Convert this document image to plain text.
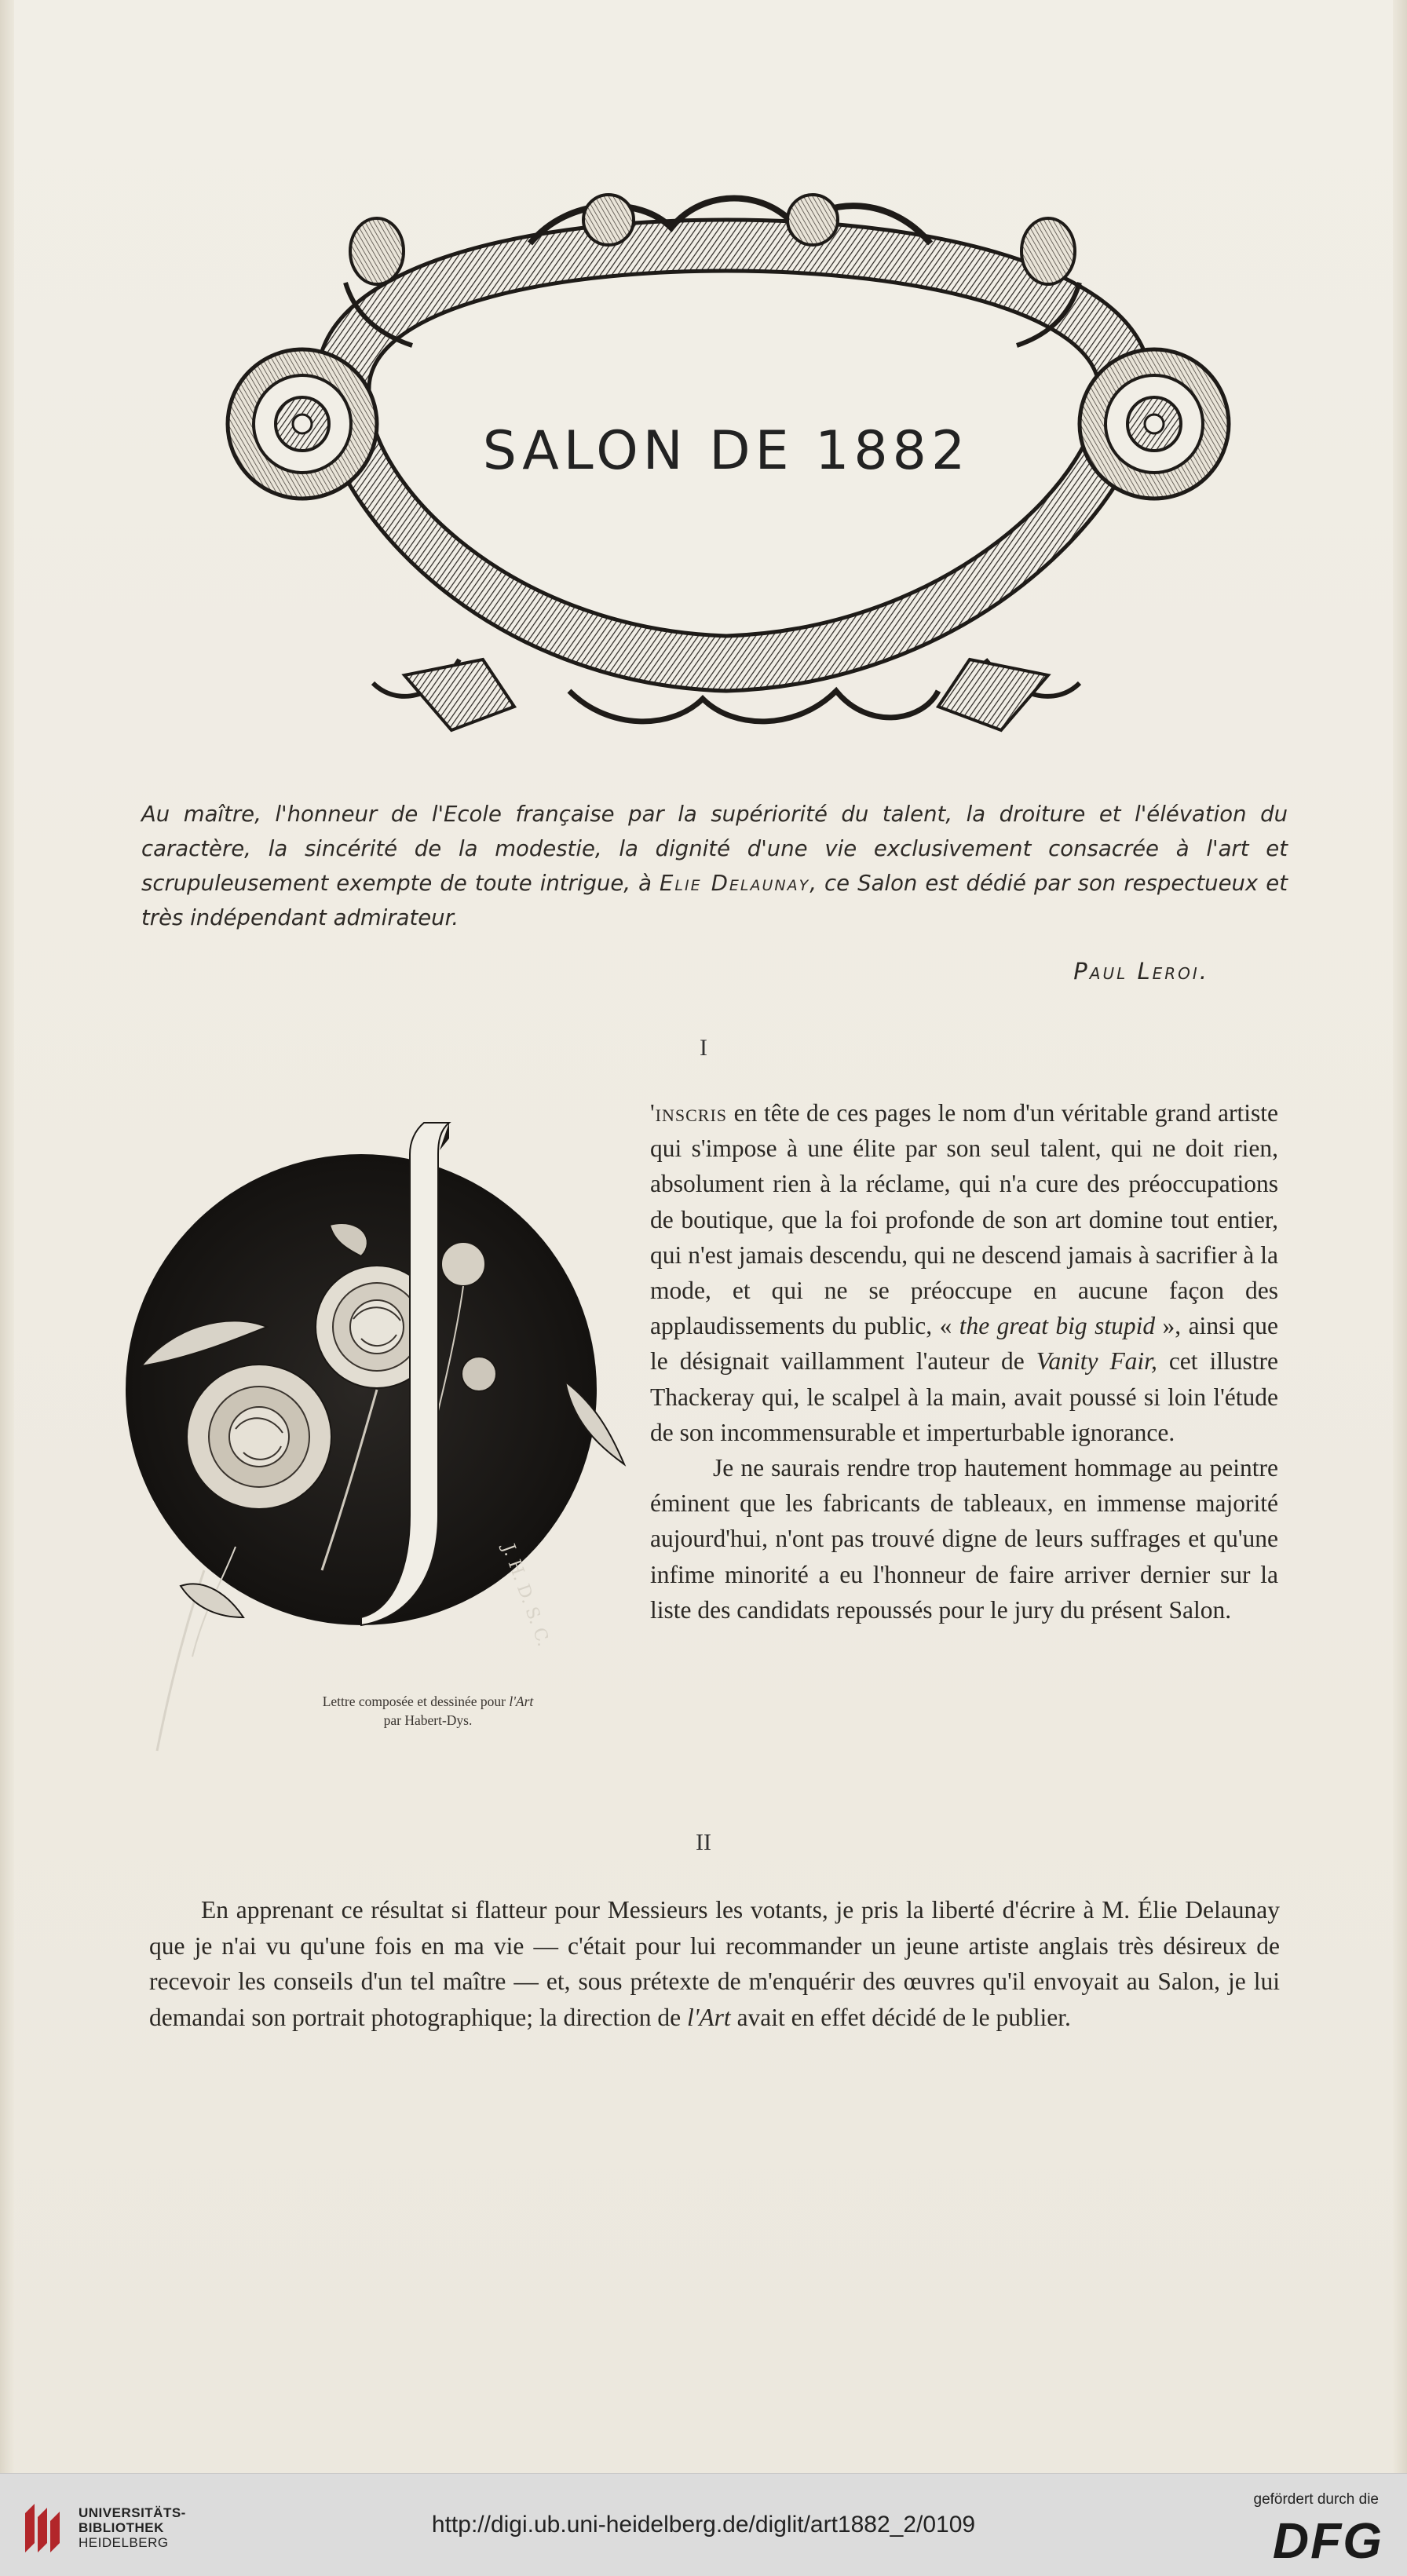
SALON DE 1882
Au maître, l'honneur de l'Ecole française par la supériorité du talent, la droiture et l'élévation du caractère, la sincérité de la modestie, la dignité d'une vie exclusivement consacrée à l'art et scrupuleusement exempte de toute intrigue, à Elie Delaunay, ce Salon est dédié par son respectueux et très indépendant admirateur.
Paul Leroi.
I
J. H. D. S. C.
Lettre composée et dessinée pour l'Art
par Habert-Dys.

'inscris en tête de ces pages le nom d'un véritable grand artiste qui s'impose à une élite par son seul talent, qui ne doit rien, absolument rien à la réclame, qui n'a cure des préoccupations de boutique, que la foi profonde de son art domine tout entier, qui n'est jamais descendu, qui ne descend jamais à sacrifier à la mode, et qui ne se préoccupe en aucune façon des applaudissements du public, « the great big stupid », ainsi que le désignait vaillamment l'auteur de Vanity Fair, cet illustre Thackeray qui, le scalpel à la main, avait poussé si loin l'étude de son incommensurable et imperturbable ignorance.

Je ne saurais rendre trop hautement hommage au peintre éminent que les fabricants de tableaux, en immense majorité aujourd'hui, n'ont pas trouvé digne de leurs suffrages et qu'une infime minorité a eu l'honneur de faire arriver dernier sur la liste des candidats repoussés pour le jury du présent Salon.

II
En apprenant ce résultat si flatteur pour Messieurs les votants, je pris la liberté d'écrire à M. Élie Delaunay que je n'ai vu qu'une fois en ma vie — c'était pour lui recommander un jeune artiste anglais très désireux de recevoir les conseils d'un tel maître — et, sous prétexte de m'enquérir des œuvres qu'il envoyait au Salon, je lui demandai son portrait photographique; la direction de l'Art avait en effet décidé de le publier.
UNIVERSITÄTS-
BIBLIOTHEK
HEIDELBERG
http://digi.ub.uni-heidelberg.de/diglit/art1882_2/0109
gefördert durch die
DFG
